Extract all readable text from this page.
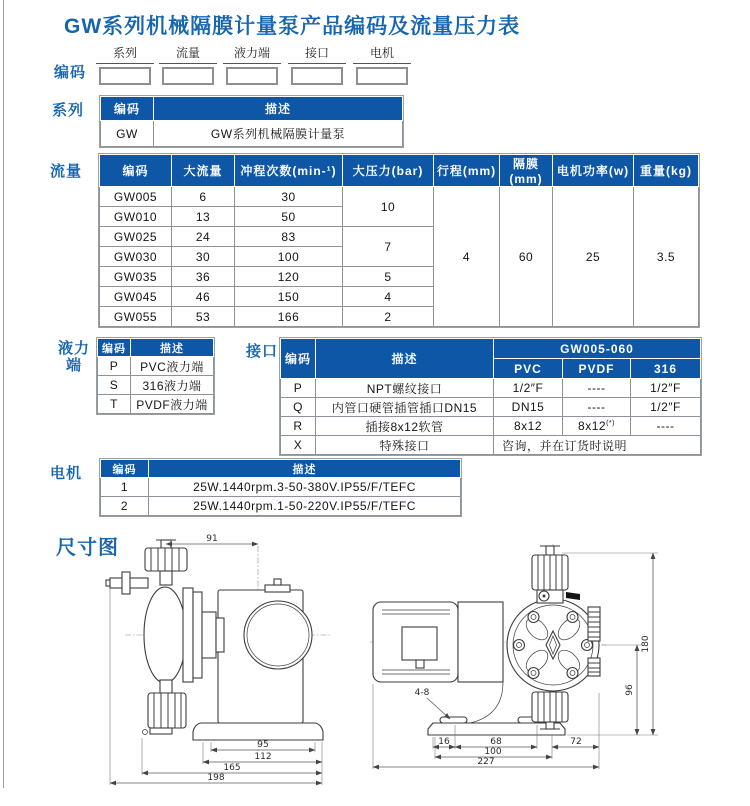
GW系列机械隔膜计量泵产品编码及流量压力表
编码
系列	流量	液力端	接口	电机
系列 编码	描述
GW	GW系列机械隔膜计量泵
流量	编码	大流量	冲程次数(min-¹)	大压力(bar)	行程(mm)	隔膜(mm)	电机功率(w)	重量(kg)
GW005	6	30	10	4	60	25	3.5
GW010	13	50					
GW025	24	83	7				
GW030	30	100					
GW035	36	120	5				
GW045	46	150	4				
GW055	53	166	2				
液力
端
编码	描述
P	PVC液力端
S	316液力端
T	PVDF液力端
接口 编码	描述	GW005-060		
		PVC	PVDF	316
P	NPT螺纹接口	1/2″F	----	1/2″F
Q	内管口硬管插管插口DN15	DN15	----	1/2″F
R	插接8x12软管	8x12	8x12(*)	----
X	特殊接口	咨询，并在订货时说明		
电机	编码	描述
1	25W.1440rpm.3-50-380V.IP55/F/TEFC
2	25W.1440rpm.1-50-220V.IP55/F/TEFC
尺寸图	91
95
112
165
198
4-8
16	68	72
100
227
96
180
